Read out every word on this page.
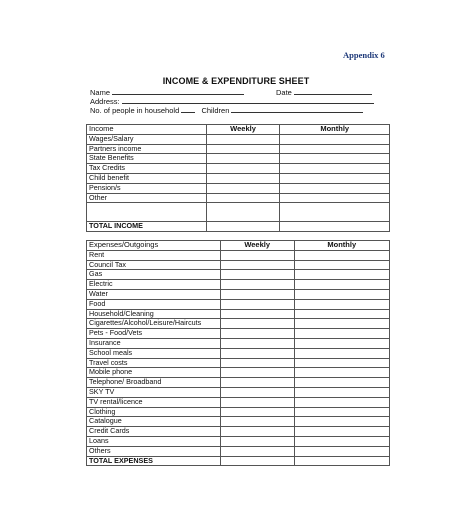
Appendix 6
INCOME & EXPENDITURE SHEET
Name	Date
Address:
No. of people in household	Children
Income	Weekly	Monthly
Wages/Salary		
Partners income		
State Benefits		
Tax Credits		
Child benefit		
Pension/s		
Other		

TOTAL INCOME		
Expenses/Outgoings	Weekly	Monthly
Rent		
Council Tax		
Gas		
Electric		
Water		
Food		
Household/Cleaning		
Cigarettes/Alcohol/Leisure/Haircuts		
Pets - Food/Vets		
Insurance		
School meals		
Travel costs		
Mobile phone		
Telephone/ Broadband		
SKY TV		
TV rental/licence		
Clothing		
Catalogue		
Credit Cards		
Loans		
Others		
TOTAL EXPENSES		
